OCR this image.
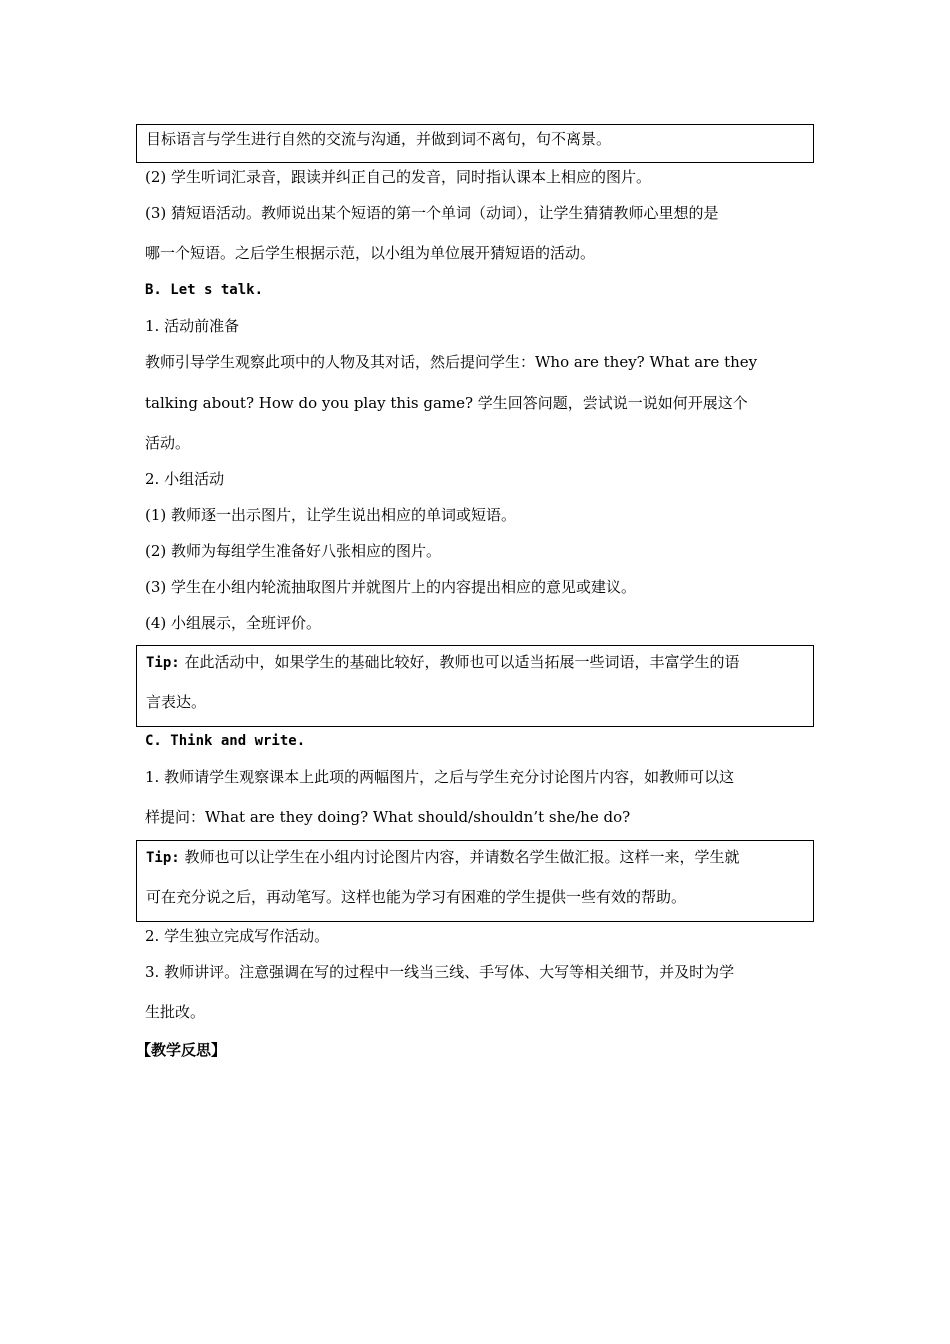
目标语言与学生进行自然的交流与沟通，并做到词不离句，句不离景。
(2) 学生听词汇录音，跟读并纠正自己的发音，同时指认课本上相应的图片。
(3) 猜短语活动。教师说出某个短语的第一个单词（动词），让学生猜猜教师心里想的是
哪一个短语。之后学生根据示范，以小组为单位展开猜短语的活动。
B. Let s talk.
1. 活动前准备
教师引导学生观察此项中的人物及其对话，然后提问学生：Who are they? What are they
talking about? How do you play this game? 学生回答问题，尝试说一说如何开展这个
活动。
2. 小组活动
(1) 教师逐一出示图片，让学生说出相应的单词或短语。
(2) 教师为每组学生准备好八张相应的图片。
(3) 学生在小组内轮流抽取图片并就图片上的内容提出相应的意见或建议。
(4) 小组展示，全班评价。
Tip: 在此活动中，如果学生的基础比较好，教师也可以适当拓展一些词语，丰富学生的语
言表达。
C. Think and write.
1. 教师请学生观察课本上此项的两幅图片，之后与学生充分讨论图片内容，如教师可以这
样提问：What are they doing? What should/shouldn’t she/he do?
Tip: 教师也可以让学生在小组内讨论图片内容，并请数名学生做汇报。这样一来，学生就
可在充分说之后，再动笔写。这样也能为学习有困难的学生提供一些有效的帮助。
2. 学生独立完成写作活动。
3. 教师讲评。注意强调在写的过程中一线当三线、手写体、大写等相关细节，并及时为学
生批改。
【教学反思】
